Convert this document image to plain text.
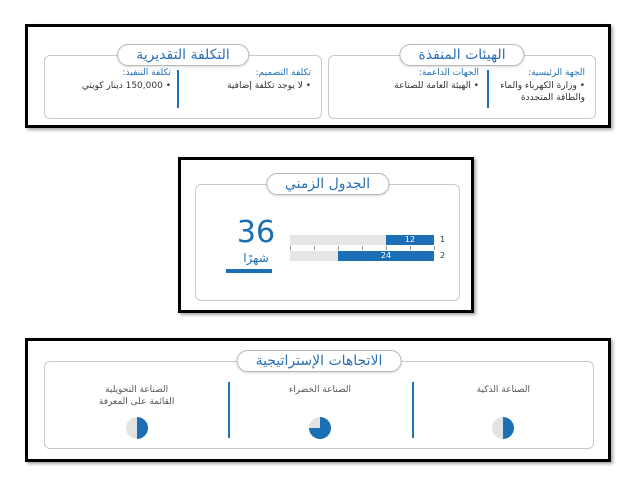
الهيئات المنفذة
الجهة الرئيسية:
• وزارة الكهرباء والماء
والطاقة المتجددة
الجهات الداعمة:
• الهيئة العامة للصناعة
التكلفة التقديرية
تكلفة التصميم:
• لا يوجد تكلفة إضافية
تكلفة التنفيذ:
• 150,000 دينار كويتي
الجدول الزمني
36
شهرًا
12	1
24	2
الاتجاهات الإستراتيجية
الصناعة الذكية
الصناعة الخضراء
الصناعة التحويلية
القائمة على المعرفة
